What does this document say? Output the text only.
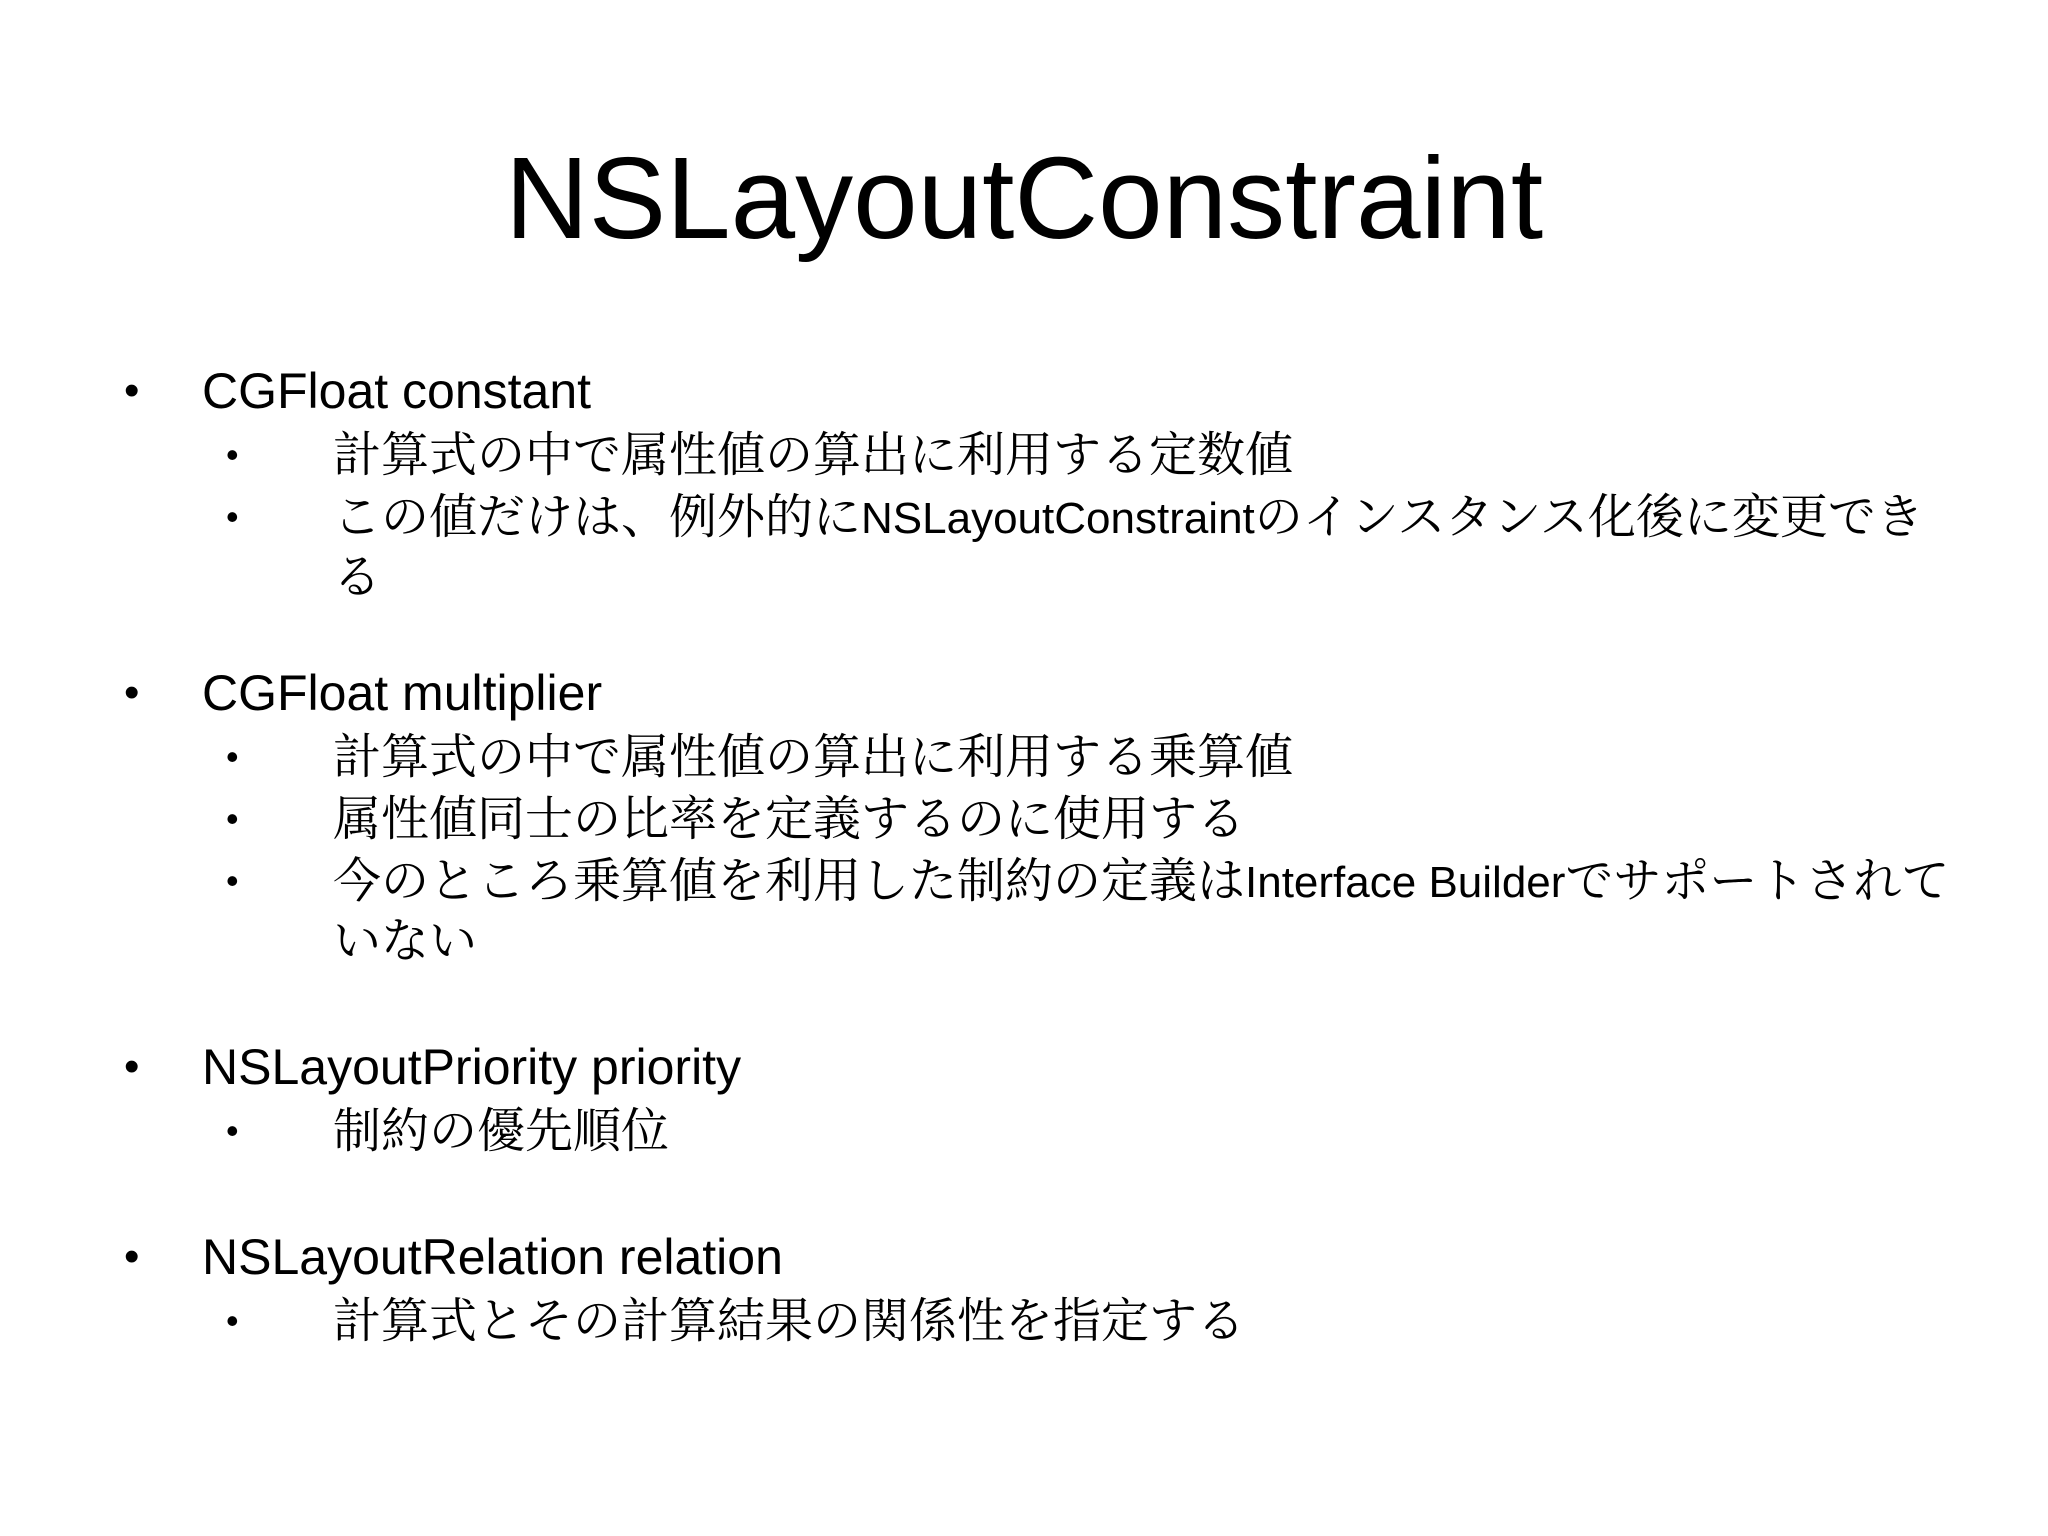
NSLayoutConstraint
• CGFloat constant
• 計算式の中で属性値の算出に利用する定数値
• この値だけは、例外的にNSLayoutConstraintのインスタンス化後に変更できる
• CGFloat multiplier
• 計算式の中で属性値の算出に利用する乗算値
• 属性値同士の比率を定義するのに使用する
• 今のところ乗算値を利用した制約の定義はInterface Builderでサポートされていない
• NSLayoutPriority priority
• 制約の優先順位
• NSLayoutRelation relation
• 計算式とその計算結果の関係性を指定する
